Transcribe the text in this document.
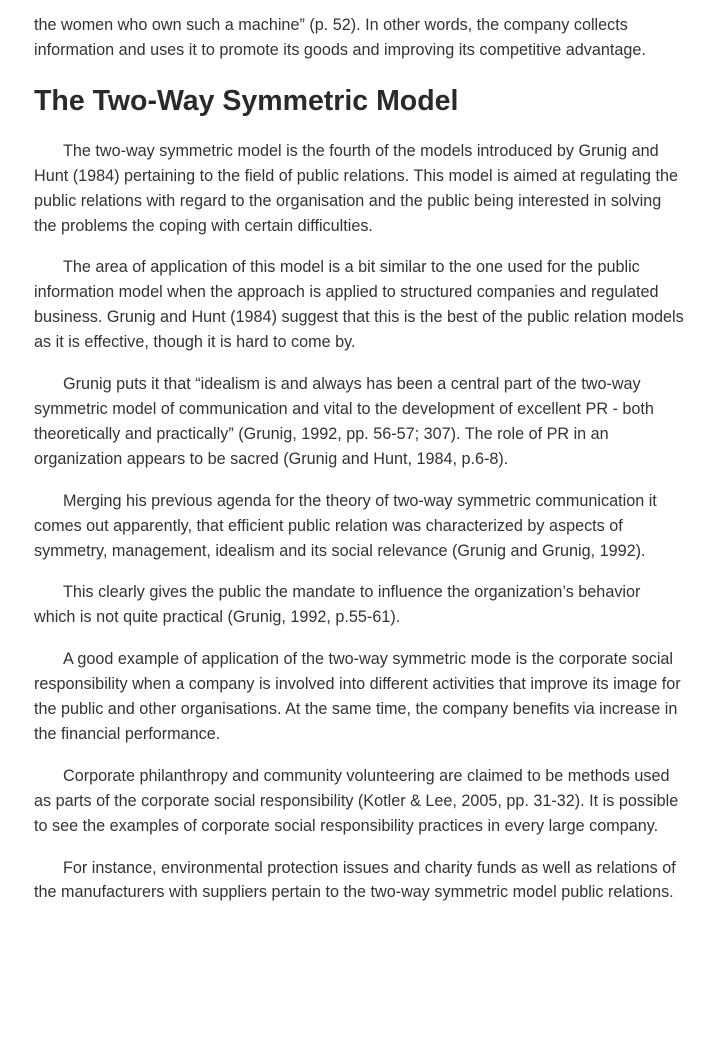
the women who own such a machine” (p. 52). In other words, the company collects information and uses it to promote its goods and improving its competitive advantage.

The Two-Way Symmetric Model

The two-way symmetric model is the fourth of the models introduced by Grunig and Hunt (1984) pertaining to the field of public relations. This model is aimed at regulating the public relations with regard to the organisation and the public being interested in solving the problems the coping with certain difficulties.

The area of application of this model is a bit similar to the one used for the public information model when the approach is applied to structured companies and regulated business. Grunig and Hunt (1984) suggest that this is the best of the public relation models as it is effective, though it is hard to come by.

Grunig puts it that “idealism is and always has been a central part of the two-way symmetric model of communication and vital to the development of excellent PR - both theoretically and practically” (Grunig, 1992, pp. 56-57; 307). The role of PR in an organization appears to be sacred (Grunig and Hunt, 1984, p.6-8).

Merging his previous agenda for the theory of two-way symmetric communication it comes out apparently, that efficient public relation was characterized by aspects of symmetry, management, idealism and its social relevance (Grunig and Grunig, 1992).

This clearly gives the public the mandate to influence the organization’s behavior which is not quite practical (Grunig, 1992, p.55-61).

A good example of application of the two-way symmetric mode is the corporate social responsibility when a company is involved into different activities that improve its image for the public and other organisations. At the same time, the company benefits via increase in the financial performance.

Corporate philanthropy and community volunteering are claimed to be methods used as parts of the corporate social responsibility (Kotler & Lee, 2005, pp. 31-32). It is possible to see the examples of corporate social responsibility practices in every large company.

For instance, environmental protection issues and charity funds as well as relations of the manufacturers with suppliers pertain to the two-way symmetric model public relations.
